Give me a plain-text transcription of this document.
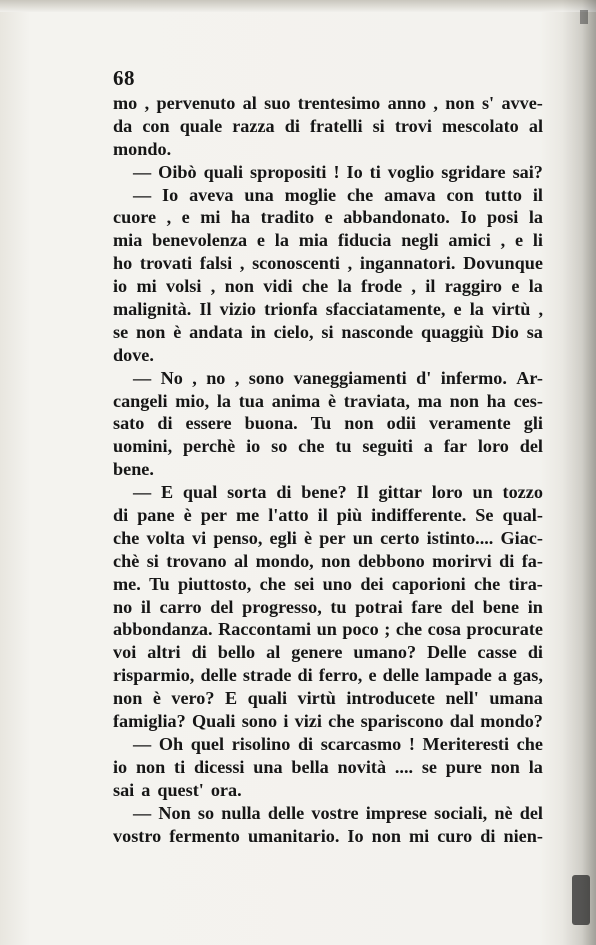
68
mo , pervenuto al suo trentesimo anno , non s' avve-
da con quale razza di fratelli si trovi mescolato al
mondo.
— Oibò quali spropositi ! Io ti voglio sgridare sai?
— Io aveva una moglie che amava con tutto il
cuore , e mi ha tradito e abbandonato. Io posi la
mia benevolenza e la mia fiducia negli amici , e li
ho trovati falsi , sconoscenti , ingannatori. Dovunque
io mi volsi , non vidi che la frode , il raggiro e la
malignità. Il vizio trionfa sfacciatamente, e la virtù ,
se non è andata in cielo, si nasconde quaggiù Dio sa
dove.
— No , no , sono vaneggiamenti d' infermo. Ar-
cangeli mio, la tua anima è traviata, ma non ha ces-
sato di essere buona. Tu non odii veramente gli
uomini, perchè io so che tu seguiti a far loro del
bene.
— E qual sorta di bene? Il gittar loro un tozzo
di pane è per me l'atto il più indifferente. Se qual-
che volta vi penso, egli è per un certo istinto.... Giac-
chè si trovano al mondo, non debbono morirvi di fa-
me. Tu piuttosto, che sei uno dei caporioni che tira-
no il carro del progresso, tu potrai fare del bene in
abbondanza. Raccontami un poco ; che cosa procurate
voi altri di bello al genere umano? Delle casse di
risparmio, delle strade di ferro, e delle lampade a gas,
non è vero? E quali virtù introducete nell' umana
famiglia? Quali sono i vizi che spariscono dal mondo?
— Oh quel risolino di scarcasmo ! Meriteresti che
io non ti dicessi una bella novità .... se pure non la
sai a quest' ora.
— Non so nulla delle vostre imprese sociali, nè del
vostro fermento umanitario. Io non mi curo di nien-
